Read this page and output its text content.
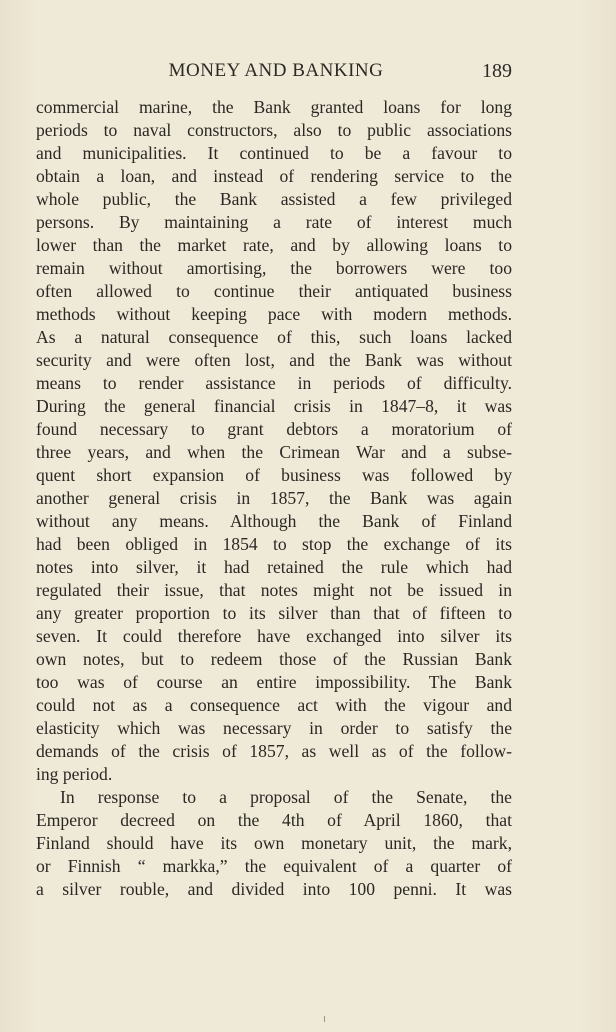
MONEY AND BANKING	189
commercial marine, the Bank granted loans for long
periods to naval constructors, also to public associations
and municipalities. It continued to be a favour to
obtain a loan, and instead of rendering service to the
whole public, the Bank assisted a few privileged
persons. By maintaining a rate of interest much
lower than the market rate, and by allowing loans to
remain without amortising, the borrowers were too
often allowed to continue their antiquated business
methods without keeping pace with modern methods.
As a natural consequence of this, such loans lacked
security and were often lost, and the Bank was without
means to render assistance in periods of difficulty.
During the general financial crisis in 1847–8, it was
found necessary to grant debtors a moratorium of
three years, and when the Crimean War and a subse-
quent short expansion of business was followed by
another general crisis in 1857, the Bank was again
without any means. Although the Bank of Finland
had been obliged in 1854 to stop the exchange of its
notes into silver, it had retained the rule which had
regulated their issue, that notes might not be issued in
any greater proportion to its silver than that of fifteen to
seven. It could therefore have exchanged into silver its
own notes, but to redeem those of the Russian Bank
too was of course an entire impossibility. The Bank
could not as a consequence act with the vigour and
elasticity which was necessary in order to satisfy the
demands of the crisis of 1857, as well as of the follow-
ing period.
In response to a proposal of the Senate, the
Emperor decreed on the 4th of April 1860, that
Finland should have its own monetary unit, the mark,
or Finnish “ markka,” the equivalent of a quarter of
a silver rouble, and divided into 100 penni. It was
